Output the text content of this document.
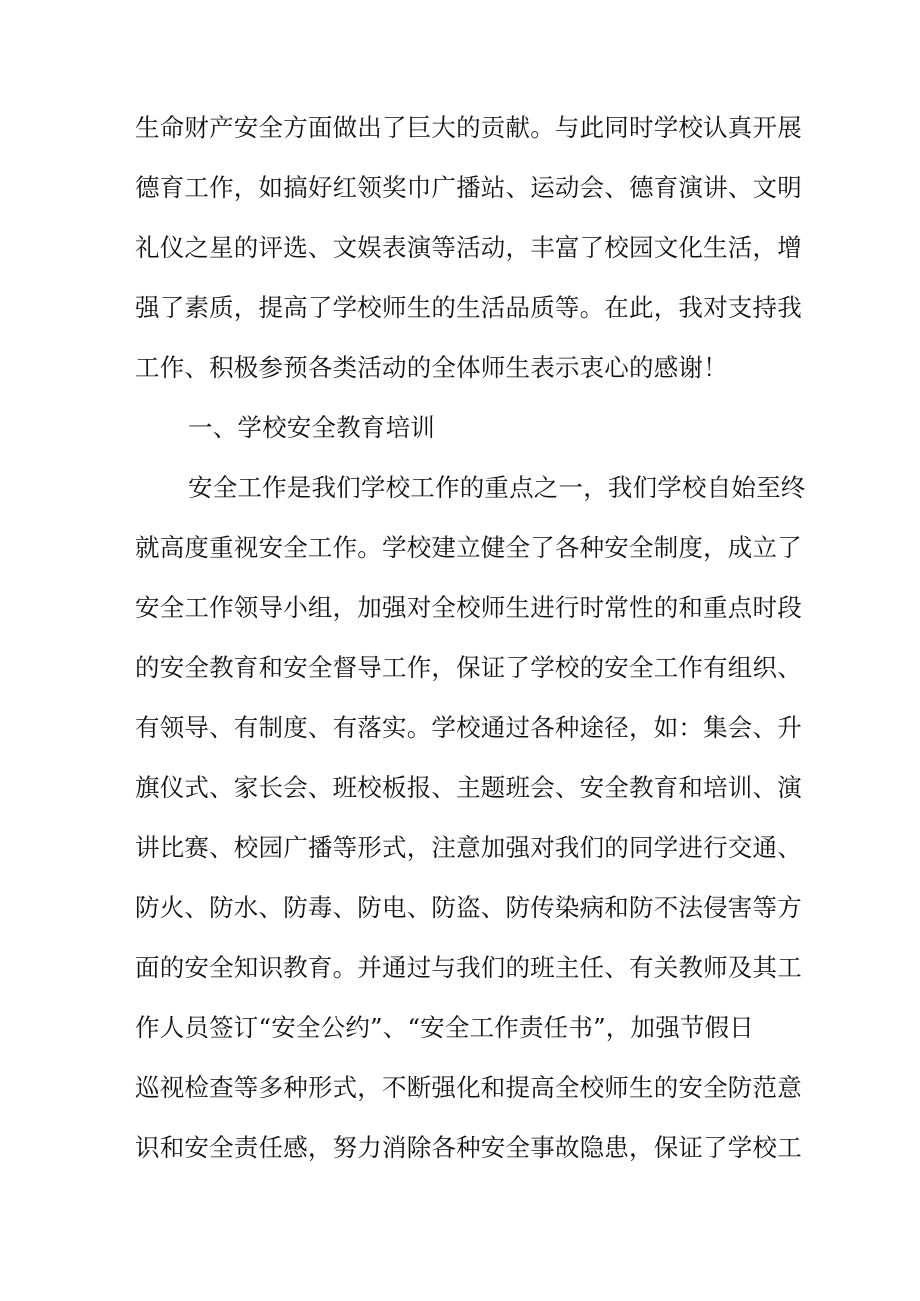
生命财产安全方面做出了巨大的贡献。与此同时学校认真开展
德育工作，如搞好红领奖巾广播站、运动会、德育演讲、文明
礼仪之星的评选、文娱表演等活动，丰富了校园文化生活，增
强了素质，提高了学校师生的生活品质等。在此，我对支持我
工作、积极参预各类活动的全体师生表示衷心的感谢！
一、学校安全教育培训
安全工作是我们学校工作的重点之一，我们学校自始至终
就高度重视安全工作。学校建立健全了各种安全制度，成立了
安全工作领导小组，加强对全校师生进行时常性的和重点时段
的安全教育和安全督导工作，保证了学校的安全工作有组织、
有领导、有制度、有落实。学校通过各种途径，如：集会、升
旗仪式、家长会、班校板报、主题班会、安全教育和培训、演
讲比赛、校园广播等形式，注意加强对我们的同学进行交通、
防火、防水、防毒、防电、防盗、防传染病和防不法侵害等方
面的安全知识教育。并通过与我们的班主任、有关教师及其工
作人员签订“安全公约”、“安全工作责任书”，加强节假日
巡视检查等多种形式，不断强化和提高全校师生的安全防范意
识和安全责任感，努力消除各种安全事故隐患，保证了学校工
